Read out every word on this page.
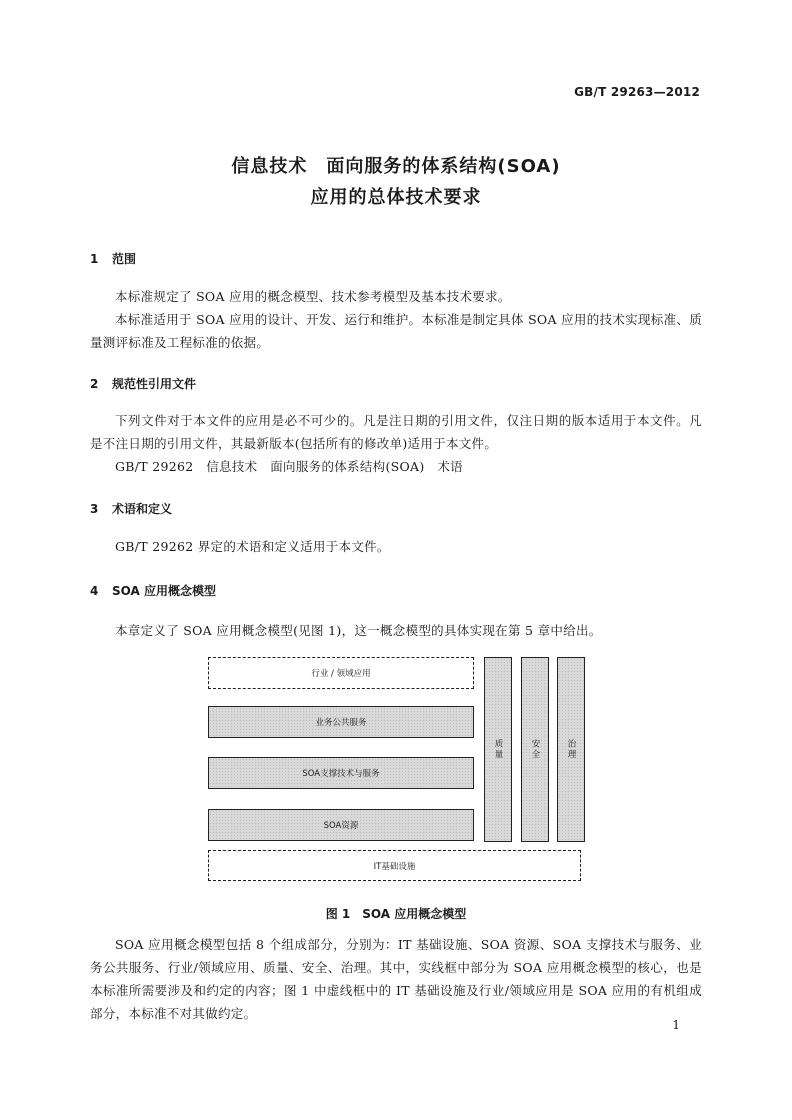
GB/T 29263—2012
信息技术　面向服务的体系结构(SOA)
应用的总体技术要求
1 范围

本标准规定了 SOA 应用的概念模型、技术参考模型及基本技术要求。

本标准适用于 SOA 应用的设计、开发、运行和维护。本标准是制定具体 SOA 应用的技术实现标准、质量测评标准及工程标准的依据。

2 规范性引用文件

下列文件对于本文件的应用是必不可少的。凡是注日期的引用文件，仅注日期的版本适用于本文件。凡是不注日期的引用文件，其最新版本(包括所有的修改单)适用于本文件。

GB/T 29262　信息技术　面向服务的体系结构(SOA)　术语

3 术语和定义

GB/T 29262 界定的术语和定义适用于本文件。

4 SOA 应用概念模型

本章定义了 SOA 应用概念模型(见图 1)，这一概念模型的具体实现在第 5 章中给出。

行业 / 领域应用
业务公共服务
SOA支撑技术与服务
SOA资源
质量	安全	治理
IT基础设施
图 1　SOA 应用概念模型

SOA 应用概念模型包括 8 个组成部分，分别为：IT 基础设施、SOA 资源、SOA 支撑技术与服务、业务公共服务、行业/领域应用、质量、安全、治理。其中，实线框中部分为 SOA 应用概念模型的核心，也是本标准所需要涉及和约定的内容；图 1 中虚线框中的 IT 基础设施及行业/领域应用是 SOA 应用的有机组成部分，本标准不对其做约定。

1
